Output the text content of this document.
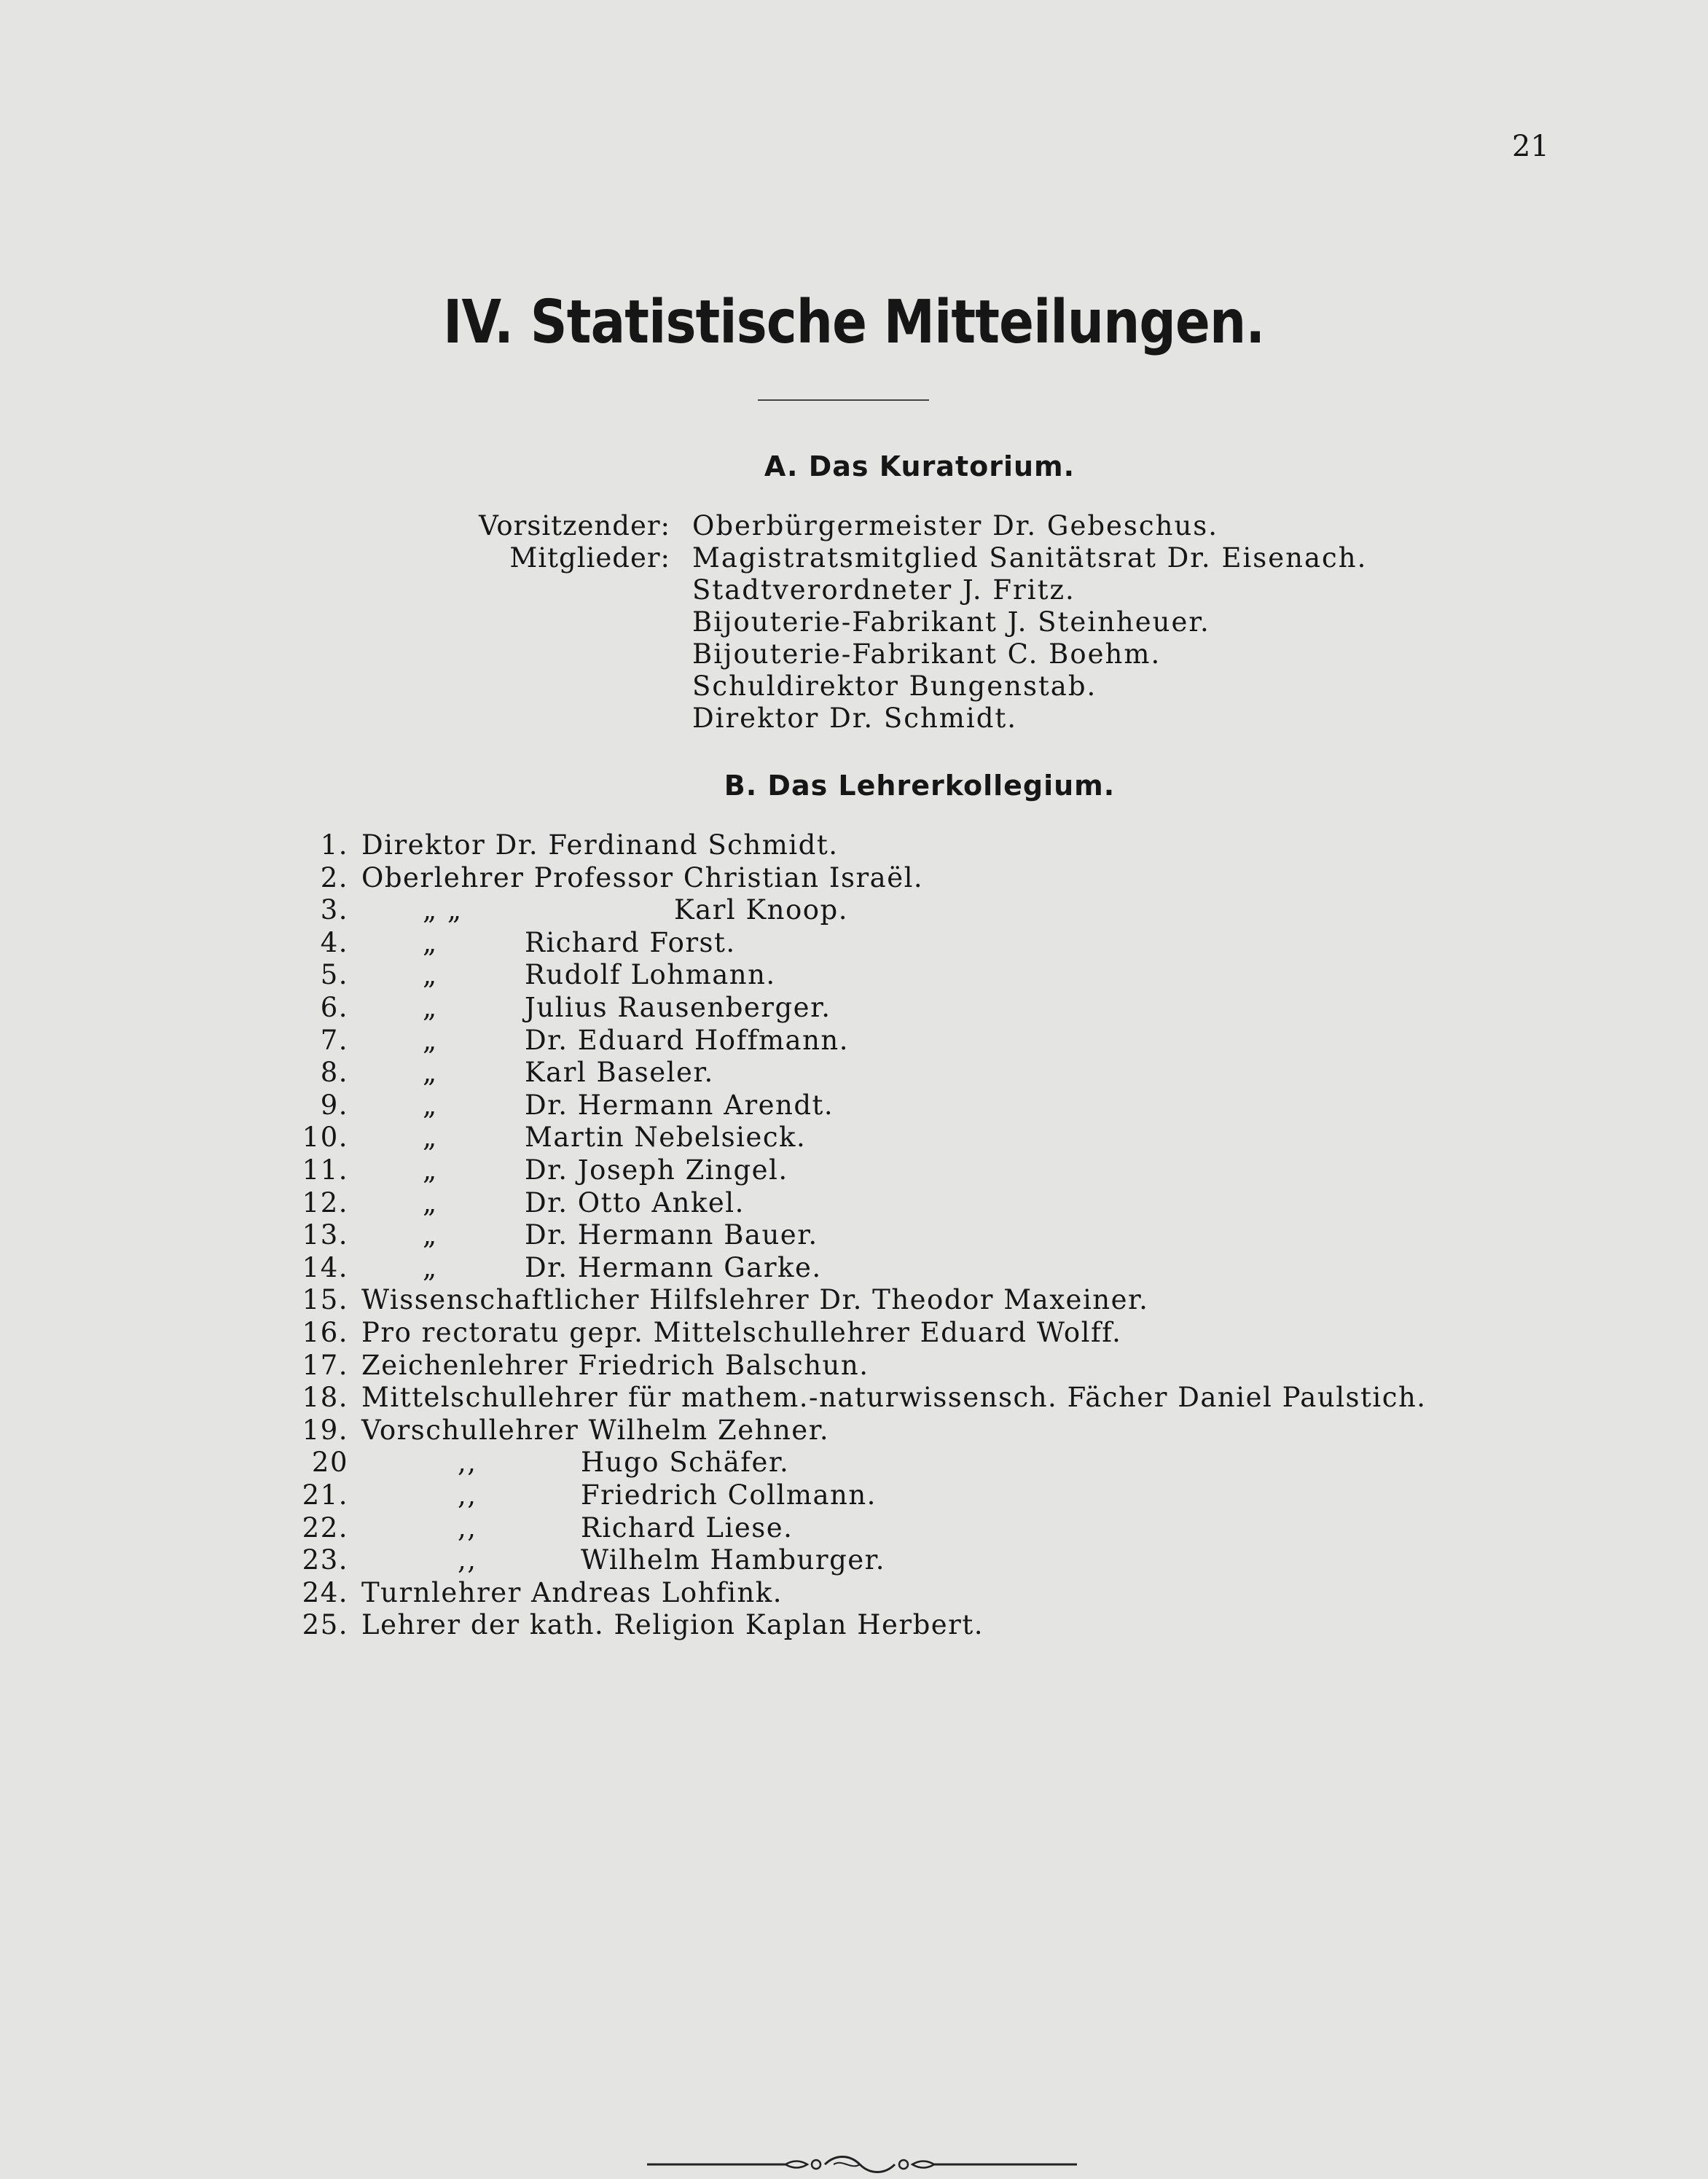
21
IV. Statistische Mitteilungen.
A. Das Kuratorium.
Vorsitzender: Oberbürgermeister Dr. Gebeschus.
Mitglieder: Magistratsmitglied Sanitätsrat Dr. Eisenach.
Stadtverordneter J. Fritz.
Bijouterie-Fabrikant J. Steinheuer.
Bijouterie-Fabrikant C. Boehm.
Schuldirektor Bungenstab.
Direktor Dr. Schmidt.
B. Das Lehrerkollegium.
1. Direktor Dr. Ferdinand Schmidt.
2. Oberlehrer Professor Christian Israël.
3.	„ „	Karl Knoop.
4.	„	Richard Forst.
5.	„	Rudolf Lohmann.
6.	„	Julius Rausenberger.
7.	„	Dr. Eduard Hoffmann.
8.	„	Karl Baseler.
9.	„	Dr. Hermann Arendt.
10.	„	Martin Nebelsieck.
11.	„	Dr. Joseph Zingel.
12.	„	Dr. Otto Ankel.
13.	„	Dr. Hermann Bauer.
14.	„	Dr. Hermann Garke.
15. Wissenschaftlicher Hilfslehrer Dr. Theodor Maxeiner.
16. Pro rectoratu gepr. Mittelschullehrer Eduard Wolff.
17. Zeichenlehrer Friedrich Balschun.
18. Mittelschullehrer für mathem.-naturwissensch. Fächer Daniel Paulstich.
19. Vorschullehrer Wilhelm Zehner.
20	,,	Hugo Schäfer.
21.	,,	Friedrich Collmann.
22.	,,	Richard Liese.
23.	,,	Wilhelm Hamburger.
24. Turnlehrer Andreas Lohfink.
25. Lehrer der kath. Religion Kaplan Herbert.
